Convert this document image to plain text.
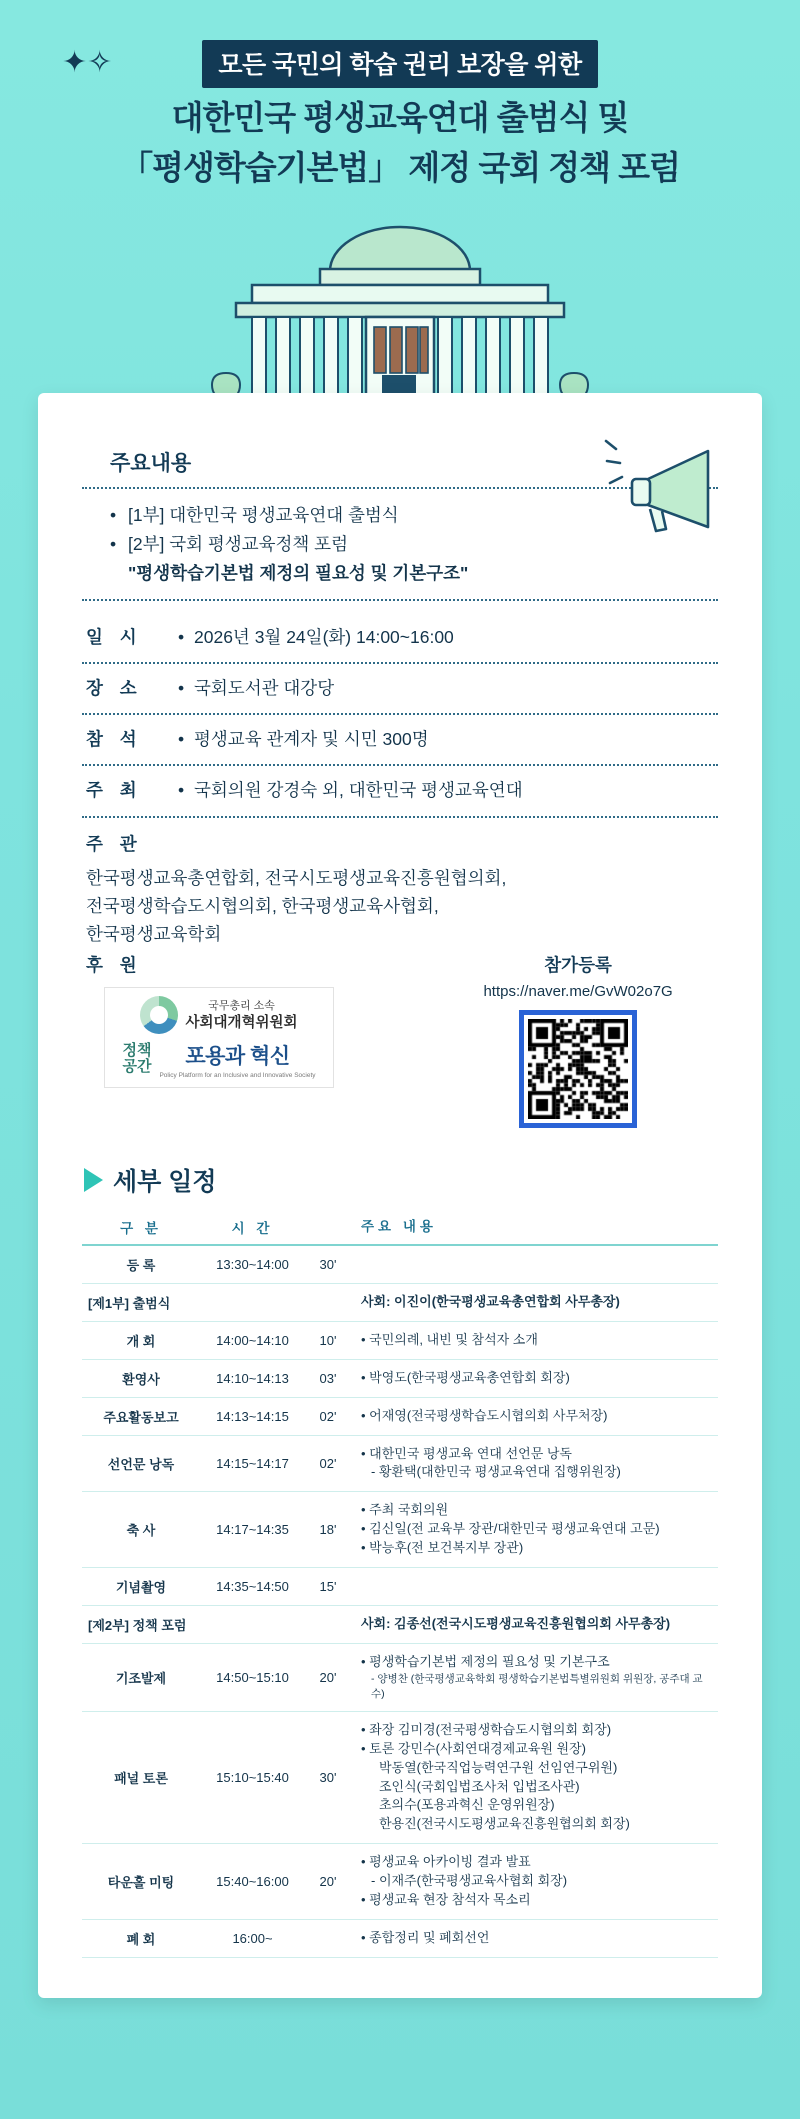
✦✧	모든 국민의 학습 권리 보장을 위한
대한민국 평생교육연대 출범식 및
「평생학습기본법」 제정 국회 정책 포럼
주요내용
• [1부] 대한민국 평생교육연대 출범식
• [2부] 국회 평생교육정책 포럼
"평생학습기본법 제정의 필요성 및 기본구조"
일 시	• 2026년 3월 24일(화) 14:00~16:00
장 소	• 국회도서관 대강당
참 석	• 평생교육 관계자 및 시민 300명
주 최	• 국회의원 강경숙 외, 대한민국 평생교육연대
주 관
한국평생교육총연합회, 전국시도평생교육진흥원협의회,
전국평생학습도시협의회, 한국평생교육사협회,
한국평생교육학회
후 원
국무총리 소속
사회대개혁위원회
정책
공간	포용과 혁신
Policy Platform for an Inclusive and Innovative Society
참가등록
https://naver.me/GvW02o7G
세부 일정
구 분	시 간		주요 내용
등 록	13:30~14:00	30'	
[제1부] 출범식			사회: 이진이(한국평생교육총연합회 사무총장)
개 회	14:00~14:10	10'	• 국민의례, 내빈 및 참석자 소개
환영사	14:10~14:13	03'	• 박영도(한국평생교육총연합회 회장)
주요활동보고	14:13~14:15	02'	• 어재영(전국평생학습도시협의회 사무처장)
선언문 낭독	14:15~14:17	02'	• 대한민국 평생교육 연대 선언문 낭독
- 황환택(대한민국 평생교육연대 집행위원장)

축 사	14:17~14:35	18'	• 주최 국회의원
• 김신일(전 교육부 장관/대한민국 평생교육연대 고문)
• 박능후(전 보건복지부 장관)

기념촬영	14:35~14:50	15'	
[제2부] 정책 포럼			사회: 김종선(전국시도평생교육진흥원협의회 사무총장)
기조발제	14:50~15:10	20'	• 평생학습기본법 제정의 필요성 및 기본구조
- 양병찬 (한국평생교육학회 평생학습기본법특별위원회 위원장, 공주대 교수)

패널 토론	15:10~15:40	30'	
• 좌장 김미경(전국평생학습도시협의회 회장)
• 토론 강민수(사회연대경제교육원 원장)
박동열(한국직업능력연구원 선임연구위원)
조인식(국회입법조사처 입법조사관)
초의수(포용과혁신 운영위원장)
한용진(전국시도평생교육진흥원협의회 회장)

타운홀 미팅	15:40~16:00	20'	• 평생교육 아카이빙 결과 발표
- 이재주(한국평생교육사협회 회장)
• 평생교육 현장 참석자 목소리

폐 회	16:00~		• 종합정리 및 폐회선언
